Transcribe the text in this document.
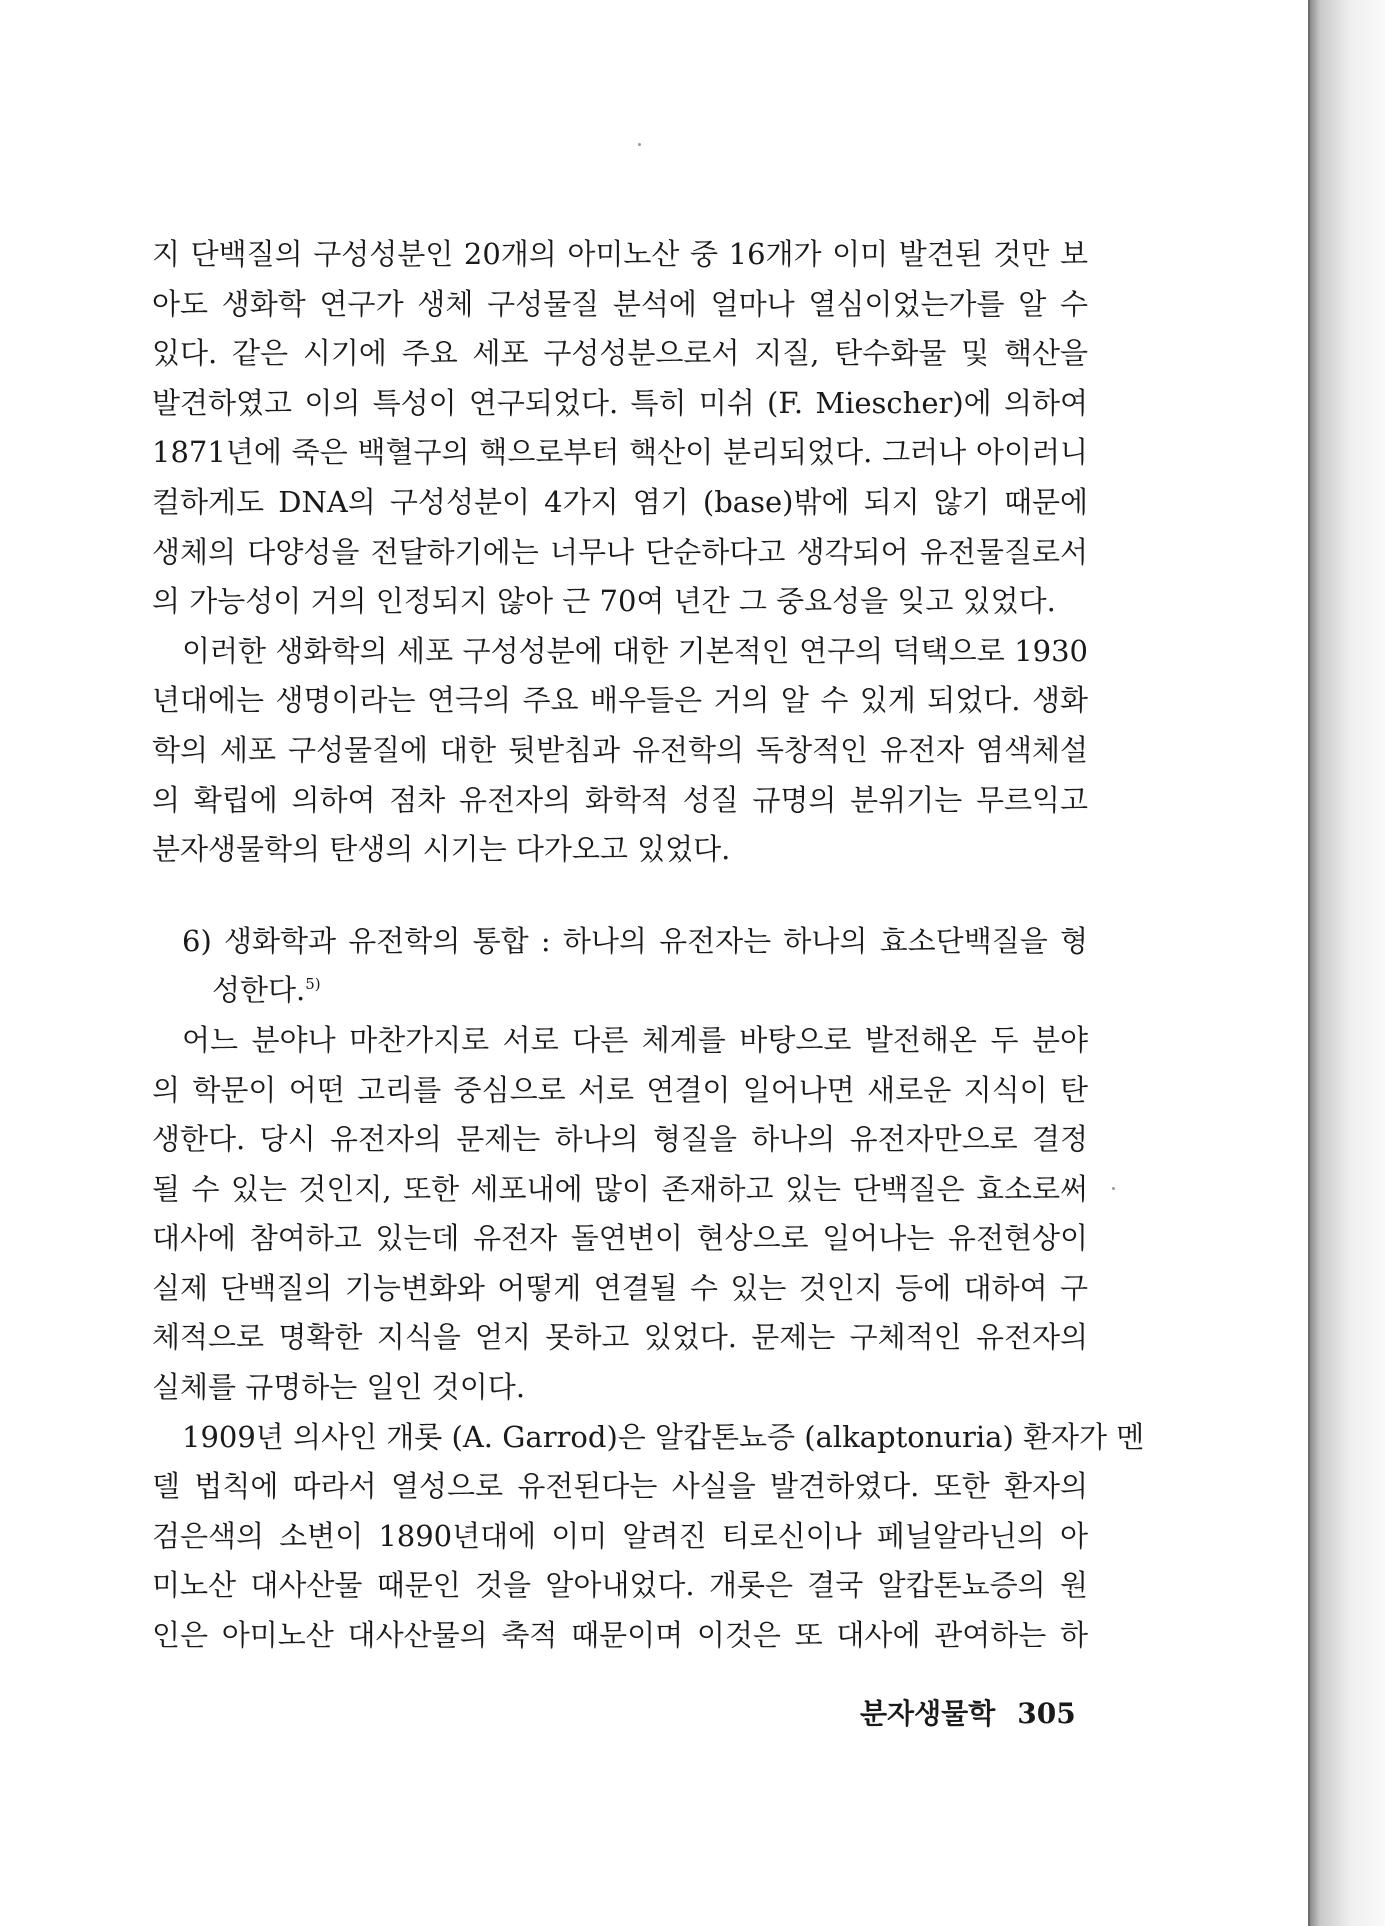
지 단백질의 구성성분인 20개의 아미노산 중 16개가 이미 발견된 것만 보
아도 생화학 연구가 생체 구성물질 분석에 얼마나 열심이었는가를 알 수
있다. 같은 시기에 주요 세포 구성성분으로서 지질, 탄수화물 및 핵산을
발견하였고 이의 특성이 연구되었다. 특히 미쉬 (F. Miescher)에 의하여
1871년에 죽은 백혈구의 핵으로부터 핵산이 분리되었다. 그러나 아이러니
컬하게도 DNA의 구성성분이 4가지 염기 (base)밖에 되지 않기 때문에
생체의 다양성을 전달하기에는 너무나 단순하다고 생각되어 유전물질로서
의 가능성이 거의 인정되지 않아 근 70여 년간 그 중요성을 잊고 있었다.
이러한 생화학의 세포 구성성분에 대한 기본적인 연구의 덕택으로 1930
년대에는 생명이라는 연극의 주요 배우들은 거의 알 수 있게 되었다. 생화
학의 세포 구성물질에 대한 뒷받침과 유전학의 독창적인 유전자 염색체설
의 확립에 의하여 점차 유전자의 화학적 성질 규명의 분위기는 무르익고
분자생물학의 탄생의 시기는 다가오고 있었다.
6) 생화학과 유전학의 통합 : 하나의 유전자는 하나의 효소단백질을 형
성한다.$^{5)}$
어느 분야나 마찬가지로 서로 다른 체계를 바탕으로 발전해온 두 분야
의 학문이 어떤 고리를 중심으로 서로 연결이 일어나면 새로운 지식이 탄
생한다. 당시 유전자의 문제는 하나의 형질을 하나의 유전자만으로 결정
될 수 있는 것인지, 또한 세포내에 많이 존재하고 있는 단백질은 효소로써
대사에 참여하고 있는데 유전자 돌연변이 현상으로 일어나는 유전현상이
실제 단백질의 기능변화와 어떻게 연결될 수 있는 것인지 등에 대하여 구
체적으로 명확한 지식을 얻지 못하고 있었다. 문제는 구체적인 유전자의
실체를 규명하는 일인 것이다.
1909년 의사인 개롯 (A. Garrod)은 알캅톤뇨증 (alkaptonuria) 환자가 멘
델 법칙에 따라서 열성으로 유전된다는 사실을 발견하였다. 또한 환자의
검은색의 소변이 1890년대에 이미 알려진 티로신이나 페닐알라닌의 아
미노산 대사산물 때문인 것을 알아내었다. 개롯은 결국 알캅톤뇨증의 원
인은 아미노산 대사산물의 축적 때문이며 이것은 또 대사에 관여하는 하
분자생물학 305
